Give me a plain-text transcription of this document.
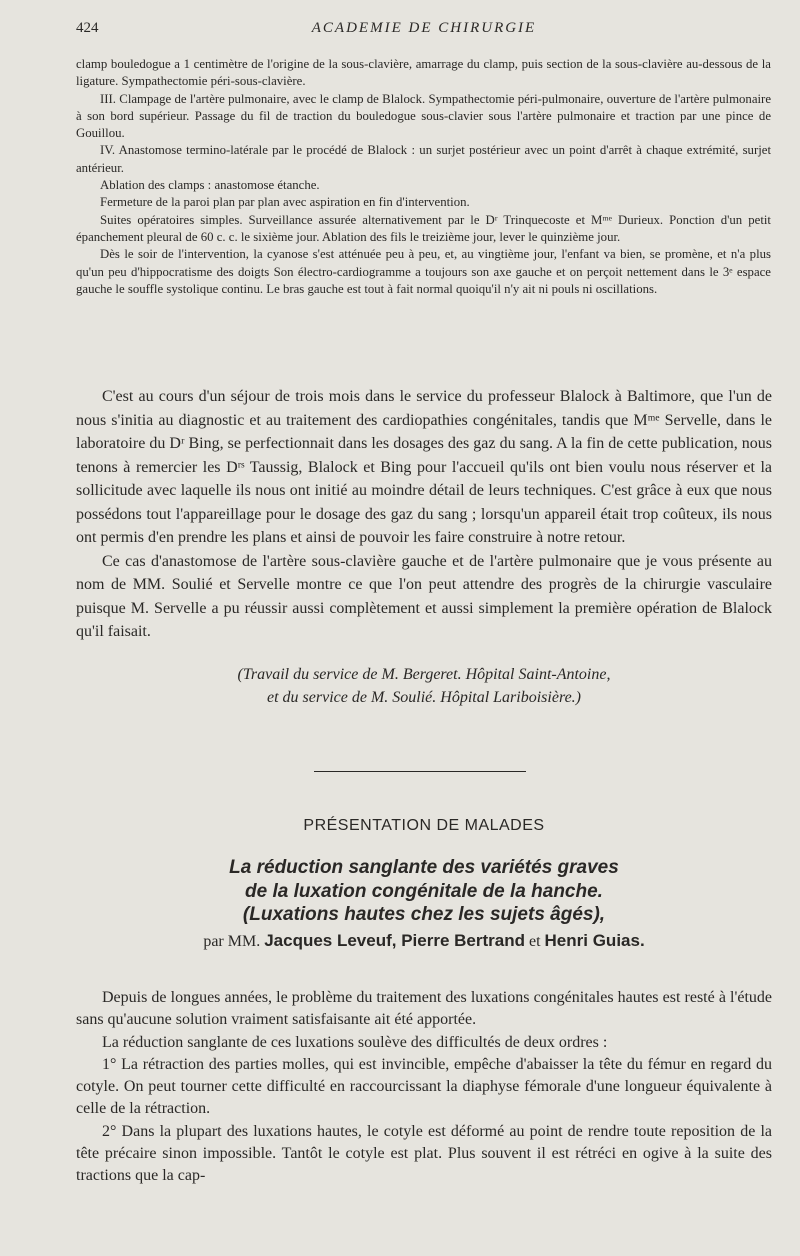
424	ACADEMIE DE CHIRURGIE

clamp bouledogue a 1 centimètre de l'origine de la sous-clavière, amarrage du clamp, puis section de la sous-clavière au-dessous de la ligature. Sympathectomie péri-sous-clavière.

III. Clampage de l'artère pulmonaire, avec le clamp de Blalock. Sympathectomie péri-pulmonaire, ouverture de l'artère pulmonaire à son bord supérieur. Passage du fil de traction du bouledogue sous-clavier sous l'artère pulmonaire et traction par une pince de Gouillou.

IV. Anastomose termino-latérale par le procédé de Blalock : un surjet postérieur avec un point d'arrêt à chaque extrémité, surjet antérieur.

Ablation des clamps : anastomose étanche.

Fermeture de la paroi plan par plan avec aspiration en fin d'intervention.

Suites opératoires simples. Surveillance assurée alternativement par le Dʳ Trinquecoste et Mᵐᵉ Durieux. Ponction d'un petit épanchement pleural de 60 c. c. le sixième jour. Ablation des fils le treizième jour, lever le quinzième jour.

Dès le soir de l'intervention, la cyanose s'est atténuée peu à peu, et, au vingtième jour, l'enfant va bien, se promène, et n'a plus qu'un peu d'hippocratisme des doigts Son électro-cardiogramme a toujours son axe gauche et on perçoit nettement dans le 3ᵉ espace gauche le souffle systolique continu. Le bras gauche est tout à fait normal quoiqu'il n'y ait ni pouls ni oscillations.

C'est au cours d'un séjour de trois mois dans le service du professeur Blalock à Baltimore, que l'un de nous s'initia au diagnostic et au traitement des cardiopathies congénitales, tandis que Mᵐᵉ Servelle, dans le laboratoire du Dʳ Bing, se perfectionnait dans les dosages des gaz du sang. A la fin de cette publication, nous tenons à remercier les Dʳˢ Taussig, Blalock et Bing pour l'accueil qu'ils ont bien voulu nous réserver et la sollicitude avec laquelle ils nous ont initié au moindre détail de leurs techniques. C'est grâce à eux que nous possédons tout l'appareillage pour le dosage des gaz du sang ; lorsqu'un appareil était trop coûteux, ils nous ont permis d'en prendre les plans et ainsi de pouvoir les faire construire à notre retour.

Ce cas d'anastomose de l'artère sous-clavière gauche et de l'artère pulmonaire que je vous présente au nom de MM. Soulié et Servelle montre ce que l'on peut attendre des progrès de la chirurgie vasculaire puisque M. Servelle a pu réussir aussi complètement et aussi simplement la première opération de Blalock qu'il faisait.

(Travail du service de M. Bergeret. Hôpital Saint-Antoine,
et du service de M. Soulié. Hôpital Lariboisière.)
PRÉSENTATION DE MALADES
La réduction sanglante des variétés graves
de la luxation congénitale de la hanche.
(Luxations hautes chez les sujets âgés),
par MM. Jacques Leveuf, Pierre Bertrand et Henri Guias.

Depuis de longues années, le problème du traitement des luxations congénitales hautes est resté à l'étude sans qu'aucune solution vraiment satisfaisante ait été apportée.

La réduction sanglante de ces luxations soulève des difficultés de deux ordres :

1° La rétraction des parties molles, qui est invincible, empêche d'abaisser la tête du fémur en regard du cotyle. On peut tourner cette difficulté en raccourcissant la diaphyse fémorale d'une longueur équivalente à celle de la rétraction.

2° Dans la plupart des luxations hautes, le cotyle est déformé au point de rendre toute reposition de la tête précaire sinon impossible. Tantôt le cotyle est plat. Plus souvent il est rétréci en ogive à la suite des tractions que la cap-
